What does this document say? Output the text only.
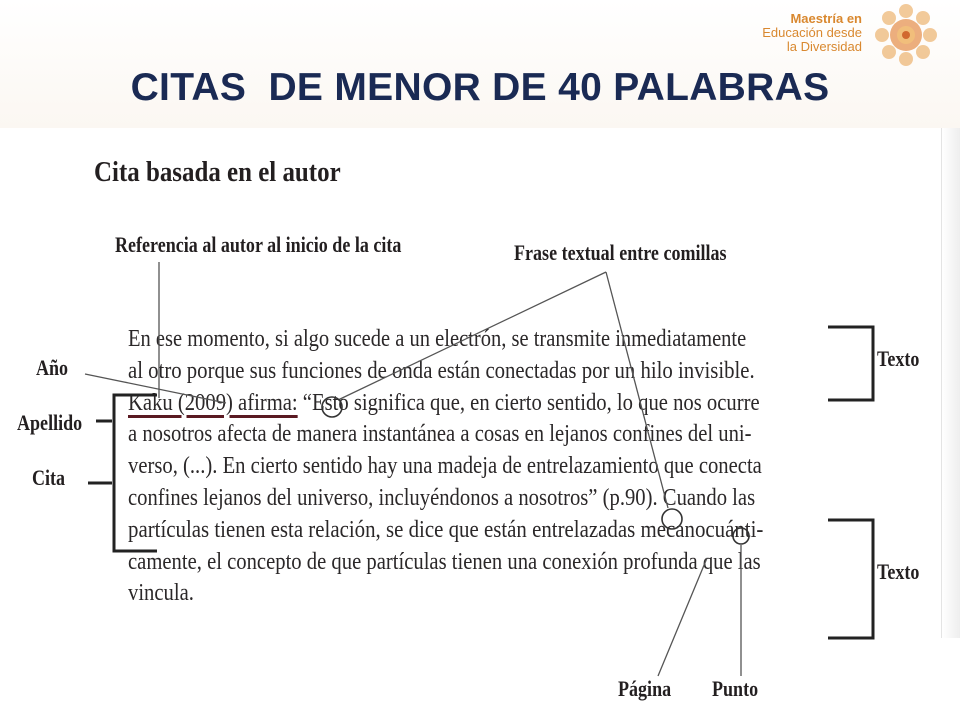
Maestría en
Educación desde
la Diversidad
CITAS  DE MENOR DE 40 PALABRAS
Cita basada en el autor
Referencia al autor al inicio de la cita	Frase textual entre comillas
Año
Apellido
Cita
Texto
Texto
Página Punto
En ese momento, si algo sucede a un electrón, se transmite inmediatamente
al otro porque sus funciones de onda están conectadas por un hilo invisible.
Kaku (2009) afirma: “Esto significa que, en cierto sentido, lo que nos ocurre
a nosotros afecta de manera instantánea a cosas en lejanos confines del uni-
verso, (...). En cierto sentido hay una madeja de entrelazamiento que conecta
confines lejanos del universo, incluyéndonos a nosotros” (p.90). Cuando las
partículas tienen esta relación, se dice que están entrelazadas mecanocuánti-
camente, el concepto de que partículas tienen una conexión profunda que las
vincula.
